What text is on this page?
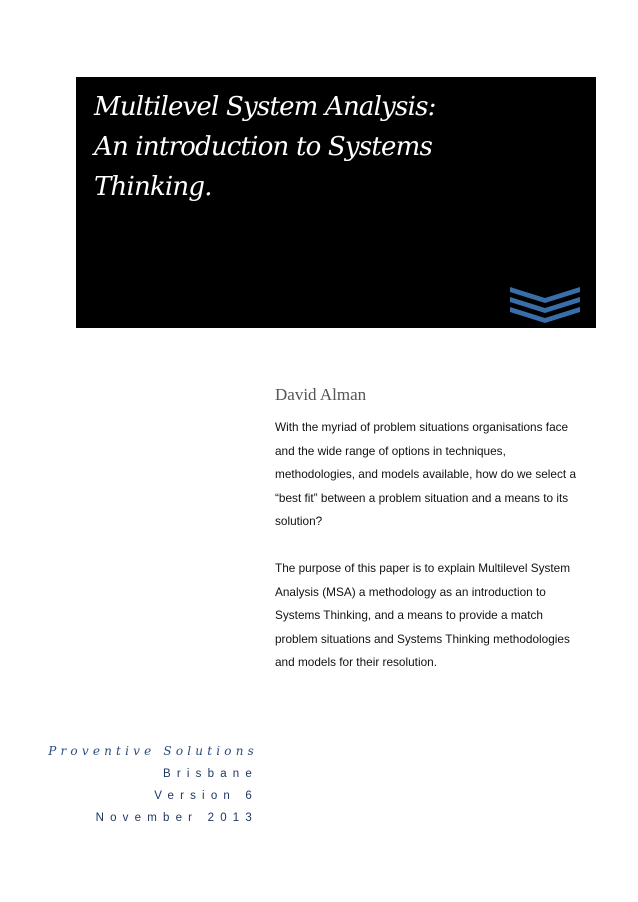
Multilevel System Analysis:
An introduction to Systems
Thinking.
David Alman

With the myriad of problem situations organisations face and the wide range of options in techniques, methodologies, and models available, how do we select a “best fit” between a problem situation and a means to its solution?

The purpose of this paper is to explain Multilevel System Analysis (MSA) a methodology as an introduction to Systems Thinking, and a means to provide a match problem situations and Systems Thinking methodologies and models for their resolution.

Proventive Solutions
Brisbane
Version 6
November 2013
